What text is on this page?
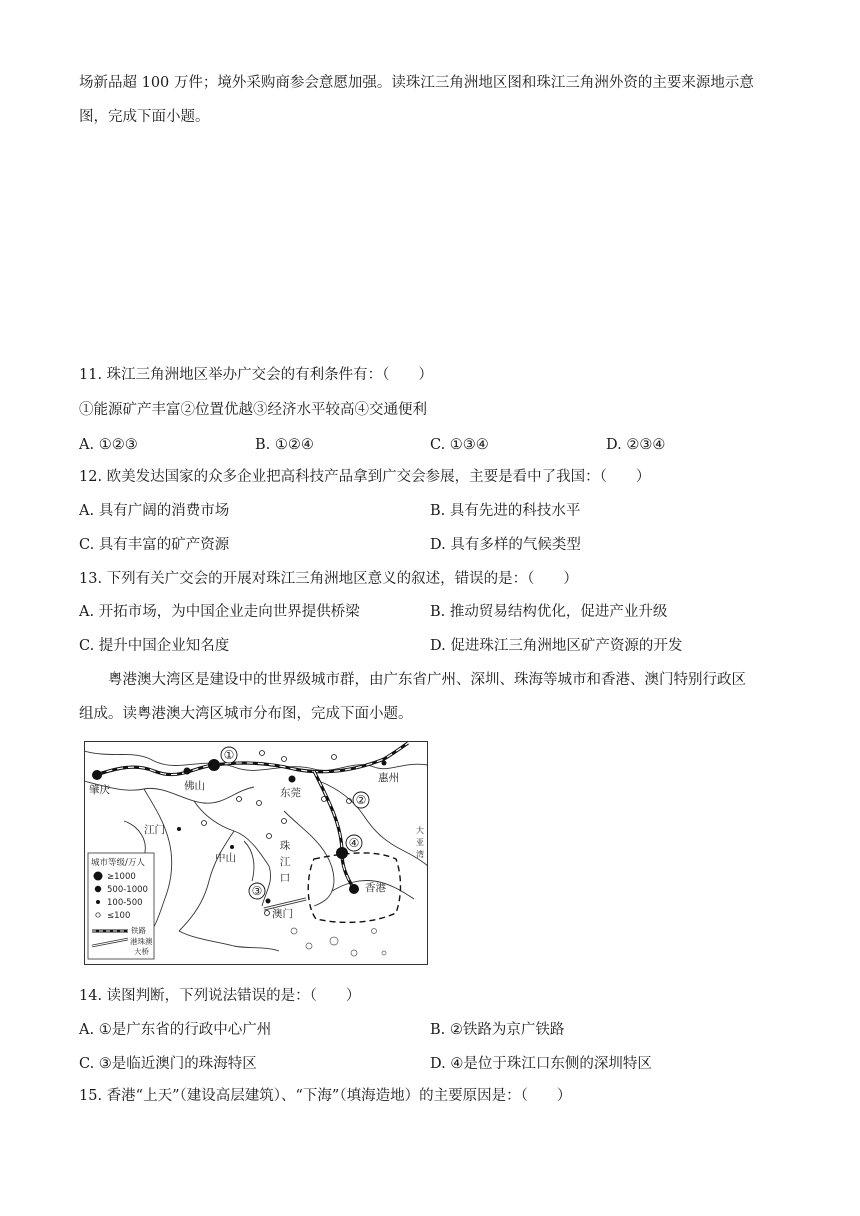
场新品超 100 万件；境外采购商参会意愿加强。读珠江三角洲地区图和珠江三角洲外资的主要来源地示意
图，完成下面小题。
11. 珠江三角洲地区举办广交会的有利条件有：（　　）
①能源矿产丰富②位置优越③经济水平较高④交通便利
A. ①②③	B. ①②④	C. ①③④	D. ②③④
12. 欧美发达国家的众多企业把高科技产品拿到广交会参展，主要是看中了我国：（　　）
A. 具有广阔的消费市场	B. 具有先进的科技水平
C. 具有丰富的矿产资源	D. 具有多样的气候类型
13. 下列有关广交会的开展对珠江三角洲地区意义的叙述，错误的是：（　　）
A. 开拓市场，为中国企业走向世界提供桥梁	B. 推动贸易结构优化，促进产业升级
C. 提升中国企业知名度	D. 促进珠江三角洲地区矿产资源的开发
粤港澳大湾区是建设中的世界级城市群，由广东省广州、深圳、珠海等城市和香港、澳门特别行政区
组成。读粤港澳大湾区城市分布图，完成下面小题。
①
②
③
④
肇庆	佛山
东莞
惠州
江门
中山
澳门
香港
珠
江
口
大
亚
湾
城市等级/万人
≥1000
500-1000
100-500
≤100
铁路
港珠澳
大桥
14. 读图判断，下列说法错误的是：（　　）
A. ①是广东省的行政中心广州	B. ②铁路为京广铁路
C. ③是临近澳门的珠海特区	D. ④是位于珠江口东侧的深圳特区
15. 香港“上天”（建设高层建筑）、“下海”（填海造地）的主要原因是：（　　）
